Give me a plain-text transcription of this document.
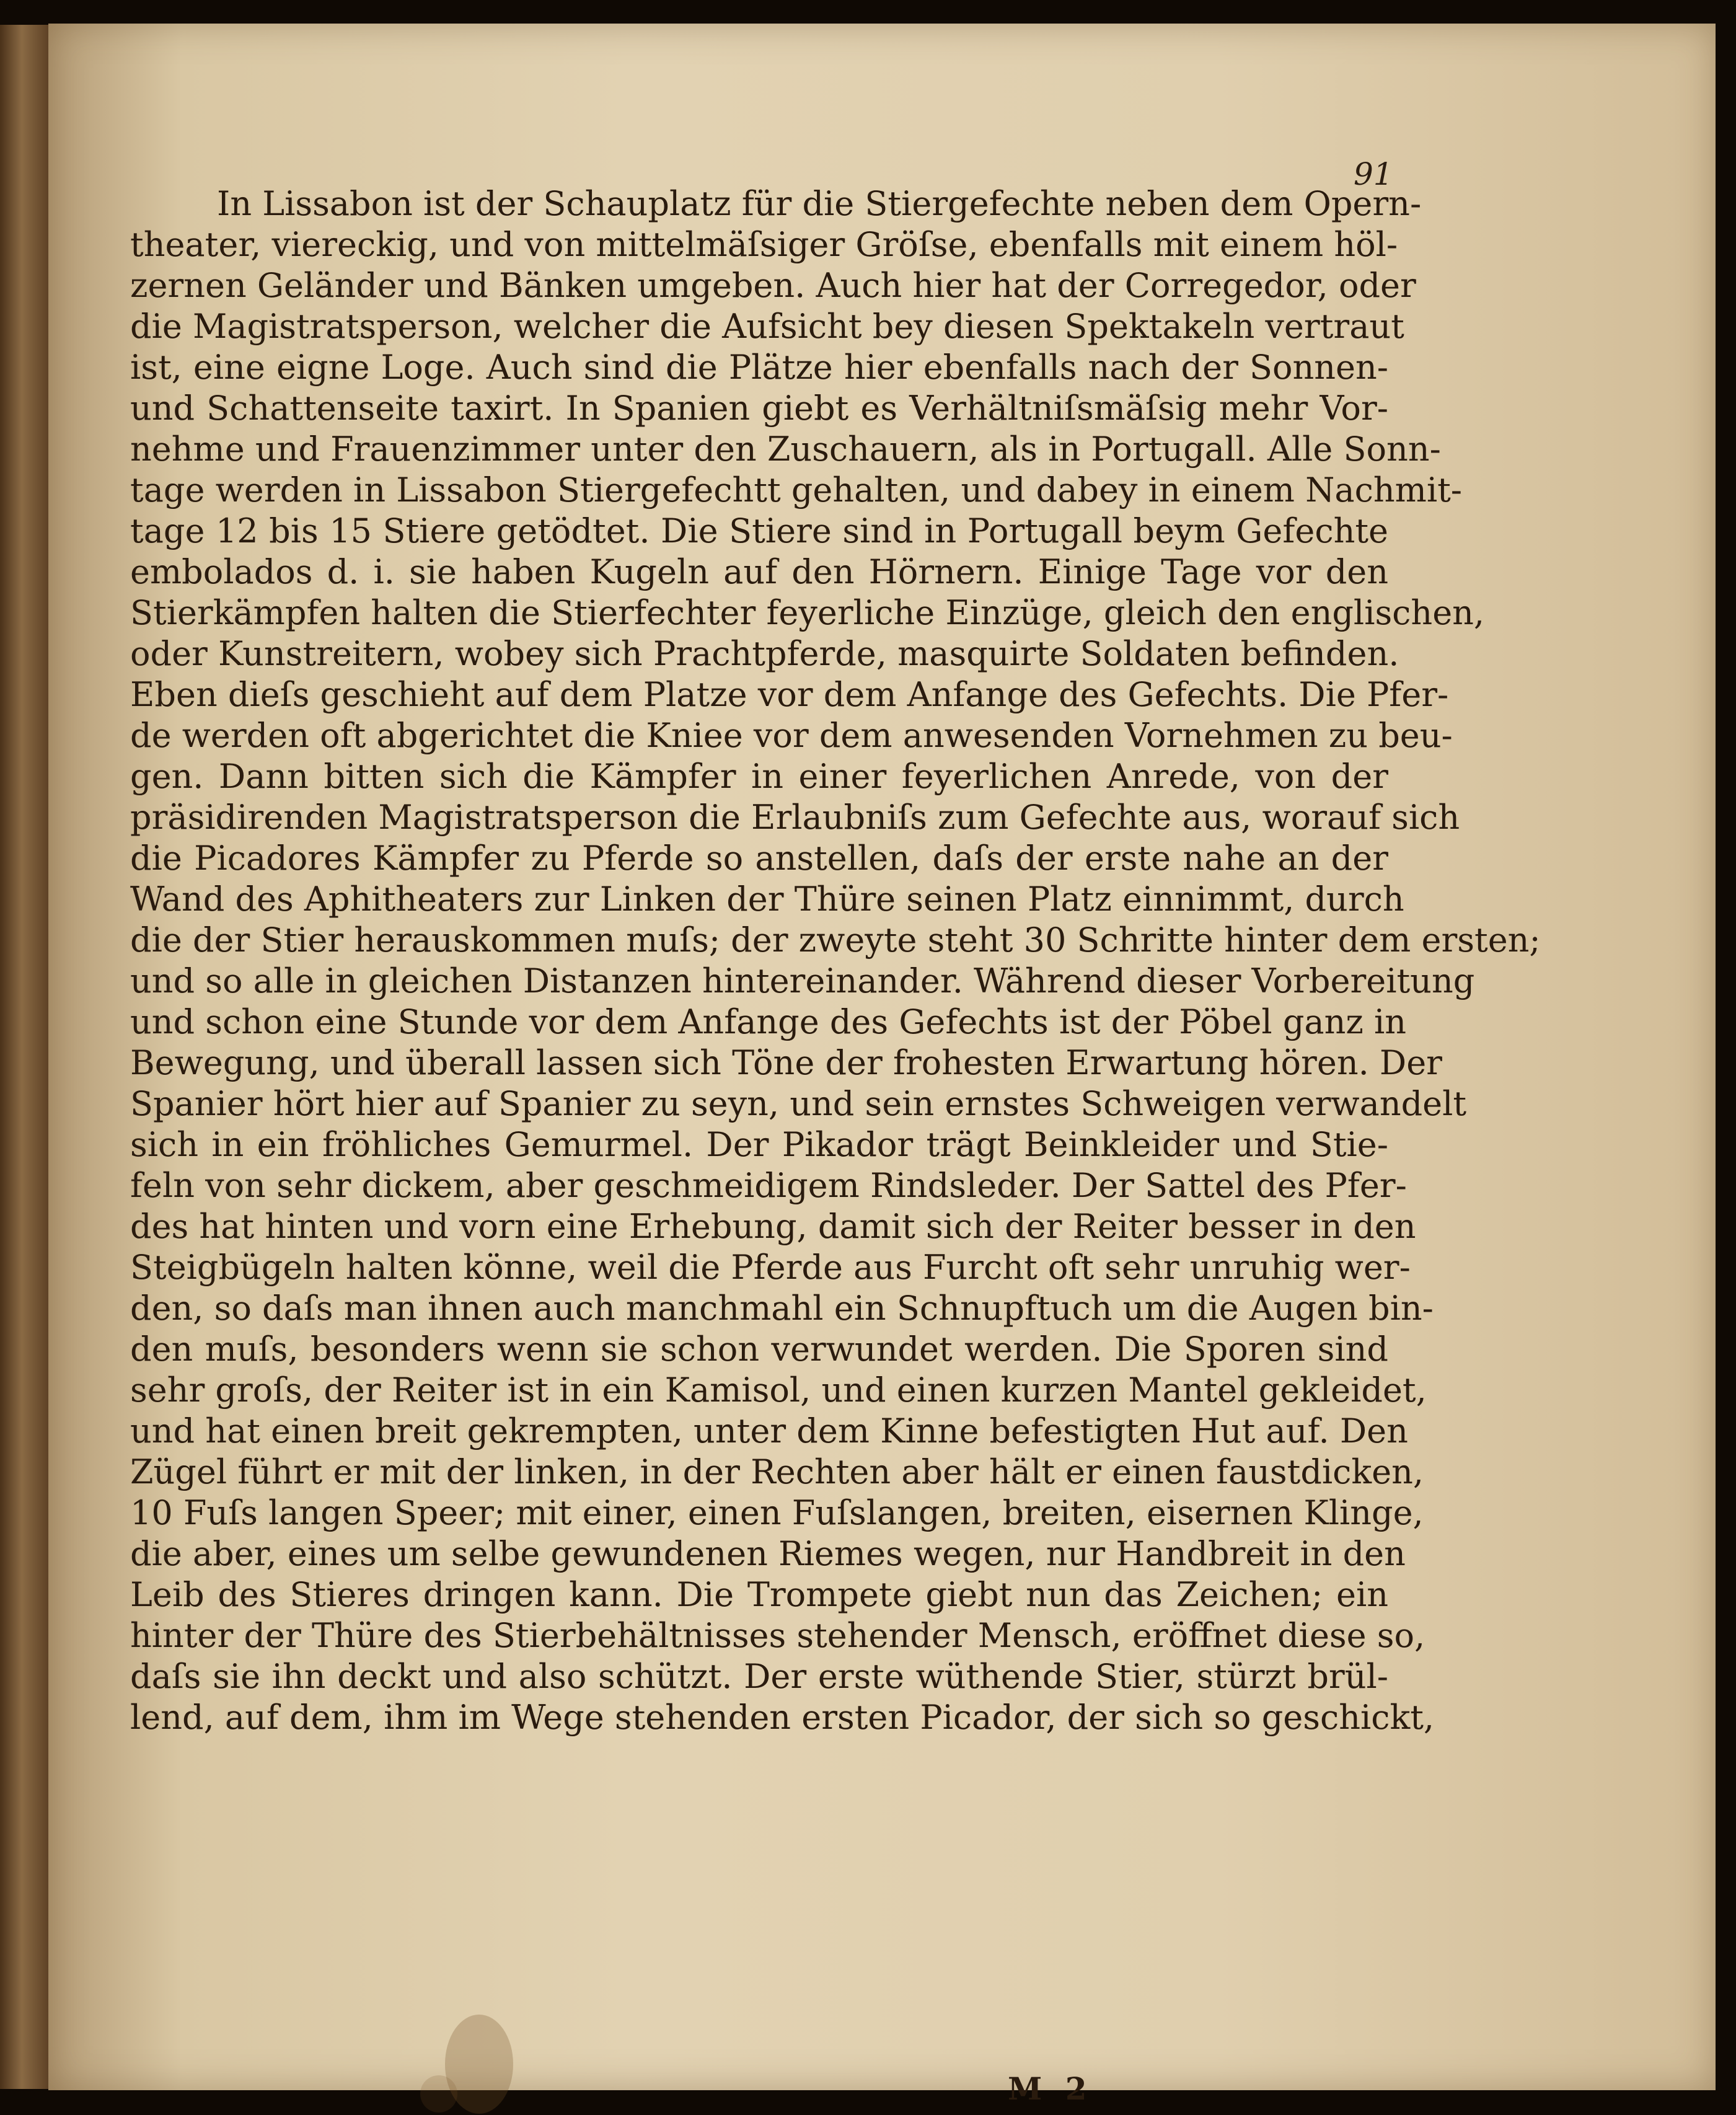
91
In Lissabon ist der Schauplatz für die Stiergefechte neben dem Opern-
theater, viereckig, und von mittelmäſsiger Gröſse, ebenfalls mit einem höl-
zernen Geländer und Bänken umgeben. Auch hier hat der Corregedor, oder
die Magistratsperson, welcher die Aufsicht bey diesen Spektakeln vertraut
ist, eine eigne Loge. Auch sind die Plätze hier ebenfalls nach der Sonnen-
und Schattenseite taxirt. In Spanien giebt es Verhältniſsmäſsig mehr Vor-
nehme und Frauenzimmer unter den Zuschauern, als in Portugall. Alle Sonn-
tage werden in Lissabon Stiergefechtt gehalten, und dabey in einem Nachmit-
tage 12 bis 15 Stiere getödtet. Die Stiere sind in Portugall beym Gefechte
embolados d. i. sie haben Kugeln auf den Hörnern. Einige Tage vor den
Stierkämpfen halten die Stierfechter feyerliche Einzüge, gleich den englischen,
oder Kunstreitern, wobey sich Prachtpferde, masquirte Soldaten befinden.
Eben dieſs geschieht auf dem Platze vor dem Anfange des Gefechts. Die Pfer-
de werden oft abgerichtet die Kniee vor dem anwesenden Vornehmen zu beu-
gen. Dann bitten sich die Kämpfer in einer feyerlichen Anrede, von der
präsidirenden Magistratsperson die Erlaubniſs zum Gefechte aus, worauf sich
die Picadores Kämpfer zu Pferde so anstellen, daſs der erste nahe an der
Wand des Aphitheaters zur Linken der Thüre seinen Platz einnimmt, durch
die der Stier herauskommen muſs; der zweyte steht 30 Schritte hinter dem ersten;
und so alle in gleichen Distanzen hintereinander. Während dieser Vorbereitung
und schon eine Stunde vor dem Anfange des Gefechts ist der Pöbel ganz in
Bewegung, und überall lassen sich Töne der frohesten Erwartung hören. Der
Spanier hört hier auf Spanier zu seyn, und sein ernstes Schweigen verwandelt
sich in ein fröhliches Gemurmel. Der Pikador trägt Beinkleider und Stie-
feln von sehr dickem, aber geschmeidigem Rindsleder. Der Sattel des Pfer-
des hat hinten und vorn eine Erhebung, damit sich der Reiter besser in den
Steigbügeln halten könne, weil die Pferde aus Furcht oft sehr unruhig wer-
den, so daſs man ihnen auch manchmahl ein Schnupftuch um die Augen bin-
den muſs, besonders wenn sie schon verwundet werden. Die Sporen sind
sehr groſs, der Reiter ist in ein Kamisol, und einen kurzen Mantel gekleidet,
und hat einen breit gekrempten, unter dem Kinne befestigten Hut auf. Den
Zügel führt er mit der linken, in der Rechten aber hält er einen faustdicken,
10 Fuſs langen Speer; mit einer, einen Fuſslangen, breiten, eisernen Klinge,
die aber, eines um selbe gewundenen Riemes wegen, nur Handbreit in den
Leib des Stieres dringen kann. Die Trompete giebt nun das Zeichen; ein
hinter der Thüre des Stierbehältnisses stehender Mensch, eröffnet diese so,
daſs sie ihn deckt und also schützt. Der erste wüthende Stier, stürzt brül-
lend, auf dem, ihm im Wege stehenden ersten Picador, der sich so geschickt,
M 2
